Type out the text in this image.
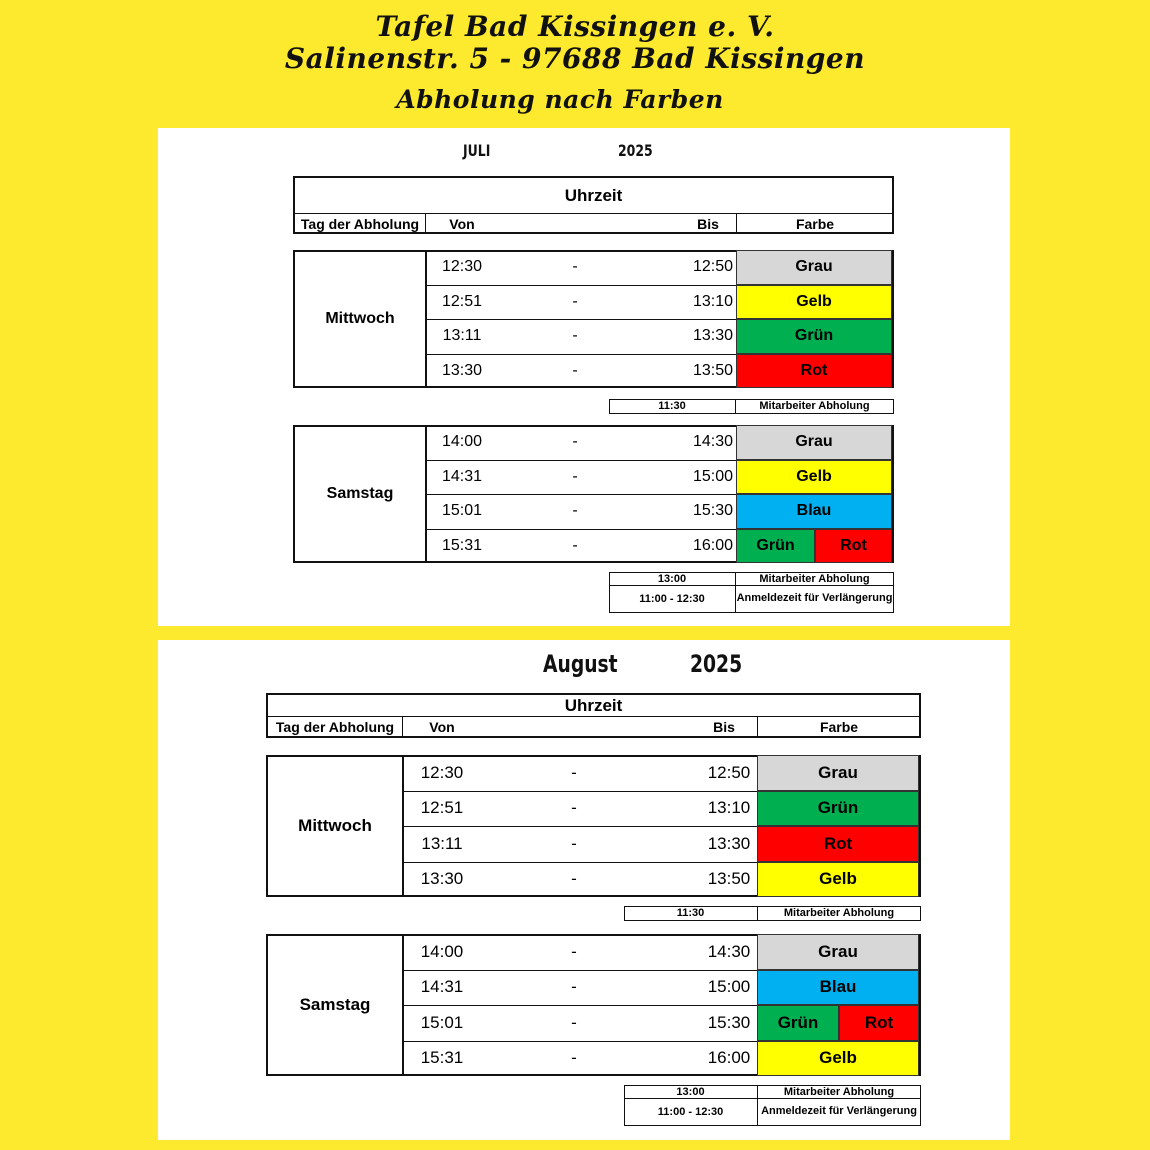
Tafel Bad Kissingen e. V.
Salinenstr. 5 - 97688 Bad Kissingen
Abholung nach Farben
JULI	2025
Uhrzeit
Tag der Abholung	Von	Bis	Farbe
Mittwoch
12:30	-	12:50	Grau
12:51	-	13:10	Gelb
13:11	-	13:30	Grün
13:30	-	13:50	Rot
11:30	Mitarbeiter Abholung
Samstag
14:00	-	14:30	Grau
14:31	-	15:00	Gelb
15:01	-	15:30	Blau
15:31	-	16:00	Grün	Rot
13:00	Mitarbeiter Abholung
11:00 - 12:30	Anmeldezeit für Verlängerung
August	2025
Uhrzeit
Tag der Abholung	Von	Bis	Farbe
Mittwoch
12:30	-	12:50	Grau
12:51	-	13:10	Grün
13:11	-	13:30	Rot
13:30	-	13:50	Gelb
11:30	Mitarbeiter Abholung
Samstag
14:00	-	14:30	Grau
14:31	-	15:00	Blau
15:01	-	15:30	Grün	Rot
15:31	-	16:00	Gelb
13:00	Mitarbeiter Abholung
11:00 - 12:30	Anmeldezeit für Verlängerung
